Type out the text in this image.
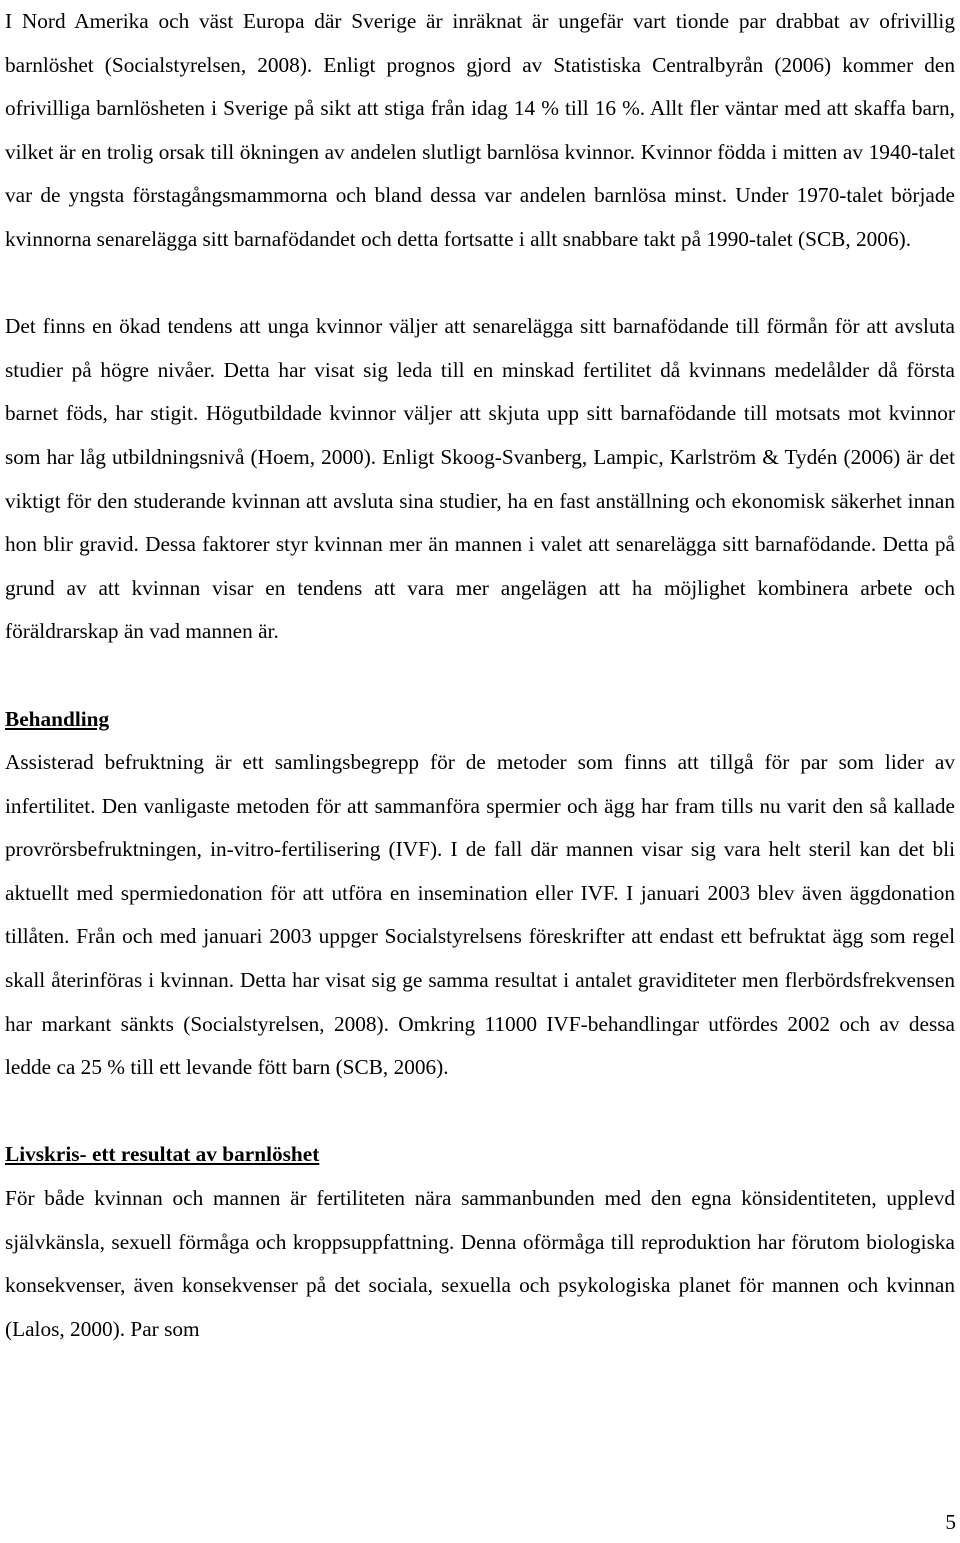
I Nord Amerika och väst Europa där Sverige är inräknat är ungefär vart tionde par drabbat av ofrivillig barnlöshet (Socialstyrelsen, 2008). Enligt prognos gjord av Statistiska Centralbyrån (2006) kommer den ofrivilliga barnlösheten i Sverige på sikt att stiga från idag 14 % till 16 %. Allt fler väntar med att skaffa barn, vilket är en trolig orsak till ökningen av andelen slutligt barnlösa kvinnor. Kvinnor födda i mitten av 1940-talet var de yngsta förstagångsmammorna och bland dessa var andelen barnlösa minst. Under 1970-talet började kvinnorna senarelägga sitt barnafödandet och detta fortsatte i allt snabbare takt på 1990-talet (SCB, 2006).

Det finns en ökad tendens att unga kvinnor väljer att senarelägga sitt barnafödande till förmån för att avsluta studier på högre nivåer. Detta har visat sig leda till en minskad fertilitet då kvinnans medelålder då första barnet föds, har stigit. Högutbildade kvinnor väljer att skjuta upp sitt barnafödande till motsats mot kvinnor som har låg utbildningsnivå (Hoem, 2000). Enligt Skoog-Svanberg, Lampic, Karlström & Tydén (2006) är det viktigt för den studerande kvinnan att avsluta sina studier, ha en fast anställning och ekonomisk säkerhet innan hon blir gravid. Dessa faktorer styr kvinnan mer än mannen i valet att senarelägga sitt barnafödande. Detta på grund av att kvinnan visar en tendens att vara mer angelägen att ha möjlighet kombinera arbete och föräldrarskap än vad mannen är.

Behandling

Assisterad befruktning är ett samlingsbegrepp för de metoder som finns att tillgå för par som lider av infertilitet. Den vanligaste metoden för att sammanföra spermier och ägg har fram tills nu varit den så kallade provrörsbefruktningen, in-vitro-fertilisering (IVF). I de fall där mannen visar sig vara helt steril kan det bli aktuellt med spermiedonation för att utföra en insemination eller IVF. I januari 2003 blev även äggdonation tillåten. Från och med januari 2003 uppger Socialstyrelsens föreskrifter att endast ett befruktat ägg som regel skall återinföras i kvinnan. Detta har visat sig ge samma resultat i antalet graviditeter men flerbördsfrekvensen har markant sänkts (Socialstyrelsen, 2008). Omkring 11000 IVF-behandlingar utfördes 2002 och av dessa ledde ca 25 % till ett levande fött barn (SCB, 2006).

Livskris- ett resultat av barnlöshet

För både kvinnan och mannen är fertiliteten nära sammanbunden med den egna könsidentiteten, upplevd självkänsla, sexuell förmåga och kroppsuppfattning. Denna oförmåga till reproduktion har förutom biologiska konsekvenser, även konsekvenser på det sociala, sexuella och psykologiska planet för mannen och kvinnan (Lalos, 2000). Par som

5
